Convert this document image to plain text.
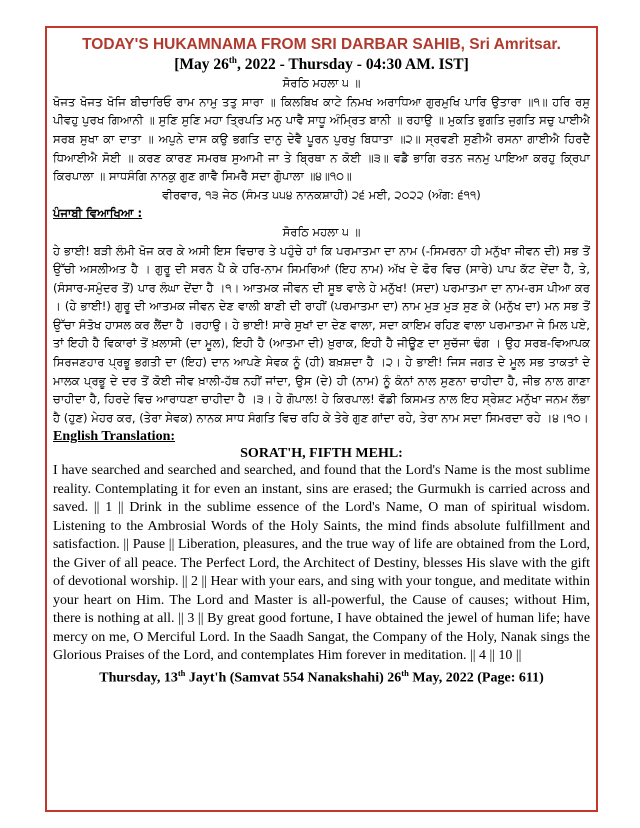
TODAY'S HUKAMNAMA FROM SRI DARBAR SAHIB, Sri Amritsar.
[May 26th, 2022 - Thursday - 04:30 AM. IST]
ਸੋਰਠਿ ਮਹਲਾ ੫ ॥
ਖੋਜਤ ਖੋਜਤ ਖੋਜਿ ਬੀਚਾਰਿਓ ਰਾਮ ਨਾਮੁ ਤਤੁ ਸਾਰਾ ॥ ਕਿਲਬਿਖ ਕਾਟੇ ਨਿਮਖ ਅਰਾਧਿਆ ਗੁਰਮੁਖਿ ਪਾਰਿ ਉਤਾਰਾ ॥੧॥ ਹਰਿ ਰਸੁ ਪੀਵਹੁ ਪੁਰਖ ਗਿਆਨੀ ॥ ਸੁਣਿ ਸੁਣਿ ਮਹਾ ਤ੍ਰਿਪਤਿ ਮਨੁ ਪਾਵੈ ਸਾਧੂ ਅੰਮ੍ਰਿਤ ਬਾਨੀ ॥ ਰਹਾਉ ॥ ਮੁਕਤਿ ਭੁਗਤਿ ਜੁਗਤਿ ਸਚੁ ਪਾਈਐ ਸਰਬ ਸੁਖਾ ਕਾ ਦਾਤਾ ॥ ਅਪੁਨੇ ਦਾਸ ਕਉ ਭਗਤਿ ਦਾਨੁ ਦੇਵੈ ਪੂਰਨ ਪੁਰਖੁ ਬਿਧਾਤਾ ॥੨॥ ਸ੍ਰਵਣੀ ਸੁਣੀਐ ਰਸਨਾ ਗਾਈਐ ਹਿਰਦੈ ਧਿਆਈਐ ਸੋਈ ॥ ਕਰਣ ਕਾਰਣ ਸਮਰਥ ਸੁਆਮੀ ਜਾ ਤੇ ਬ੍ਰਿਥਾ ਨ ਕੋਈ ॥੩॥ ਵਡੈ ਭਾਗਿ ਰਤਨ ਜਨਮੁ ਪਾਇਆ ਕਰਹੁ ਕ੍ਰਿਪਾ ਕਿਰਪਾਲਾ ॥ ਸਾਧਸੰਗਿ ਨਾਨਕੁ ਗੁਣ ਗਾਵੈ ਸਿਮਰੈ ਸਦਾ ਗੋੁਪਾਲਾ ॥੪॥੧੦॥
ਵੀਰਵਾਰ, ੧੩ ਜੇਠ (ਸੰਮਤ ੫੫੪ ਨਾਨਕਸ਼ਾਹੀ) ੨੬ ਮਈ, ੨੦੨੨ (ਅੰਗ: ੬੧੧)
ਪੰਜਾਬੀ ਵਿਆਖਿਆ :
ਸੋਰਠਿ ਮਹਲਾ ੫ ॥
ਹੇ ਭਾਈ! ਬੜੀ ਲੰਮੀ ਖੋਜ ਕਰ ਕੇ ਅਸੀ ਇਸ ਵਿਚਾਰ ਤੇ ਪਹੁੰਚੇ ਹਾਂ ਕਿ ਪਰਮਾਤਮਾ ਦਾ ਨਾਮ (-ਸਿਮਰਨਾ ਹੀ ਮਨੁੱਖਾ ਜੀਵਨ ਦੀ) ਸਭ ਤੋਂ ਉੱਚੀ ਅਸਲੀਅਤ ਹੈ । ਗੁਰੂ ਦੀ ਸਰਨ ਪੈ ਕੇ ਹਰਿ-ਨਾਮ ਸਿਮਰਿਆਂ (ਇਹ ਨਾਮ) ਅੱਖ ਦੇ ਫੋਰ ਵਿਚ (ਸਾਰੇ) ਪਾਪ ਕੱਟ ਦੇਂਦਾ ਹੈ, ਤੇ, (ਸੰਸਾਰ-ਸਮੁੰਦਰ ਤੋਂ) ਪਾਰ ਲੰਘਾ ਦੇਂਦਾ ਹੈ ।੧। ਆਤਮਕ ਜੀਵਨ ਦੀ ਸੂਝ ਵਾਲੇ ਹੇ ਮਨੁੱਖ! (ਸਦਾ) ਪਰਮਾਤਮਾ ਦਾ ਨਾਮ-ਰਸ ਪੀਆ ਕਰ । (ਹੇ ਭਾਈ!) ਗੁਰੂ ਦੀ ਆਤਮਕ ਜੀਵਨ ਦੇਣ ਵਾਲੀ ਬਾਣੀ ਦੀ ਰਾਹੀਂ (ਪਰਮਾਤਮਾ ਦਾ) ਨਾਮ ਮੁੜ ਮੁੜ ਸੁਣ ਕੇ (ਮਨੁੱਖ ਦਾ) ਮਨ ਸਭ ਤੋਂ ਉੱਚਾ ਸੰਤੋਖ ਹਾਸਲ ਕਰ ਲੈਂਦਾ ਹੈ ।ਰਹਾਉ। ਹੇ ਭਾਈ! ਸਾਰੇ ਸੁਖਾਂ ਦਾ ਦੇਣ ਵਾਲਾ, ਸਦਾ ਕਾਇਮ ਰਹਿਣ ਵਾਲਾ ਪਰਮਾਤਮਾ ਜੇ ਮਿਲ ਪਏ, ਤਾਂ ਇਹੀ ਹੈ ਵਿਕਾਰਾਂ ਤੋਂ ਖ਼ਲਾਸੀ (ਦਾ ਮੂਲ), ਇਹੀ ਹੈ (ਆਤਮਾ ਦੀ) ਖ਼ੁਰਾਕ, ਇਹੀ ਹੈ ਜੀਊਣ ਦਾ ਸੁਚੱਜਾ ਢੰਗ । ਉਹ ਸਰਬ-ਵਿਆਪਕ ਸਿਰਜਣਹਾਰ ਪ੍ਰਭੂ ਭਗਤੀ ਦਾ (ਇਹ) ਦਾਨ ਆਪਣੇ ਸੇਵਕ ਨੂੰ (ਹੀ) ਬਖ਼ਸ਼ਦਾ ਹੈ ।੨। ਹੇ ਭਾਈ! ਜਿਸ ਜਗਤ ਦੇ ਮੂਲ ਸਭ ਤਾਕਤਾਂ ਦੇ ਮਾਲਕ ਪ੍ਰਭੂ ਦੇ ਦਰ ਤੋਂ ਕੋਈ ਜੀਵ ਖ਼ਾਲੀ-ਹੱਥ ਨਹੀਂ ਜਾਂਦਾ, ਉਸ (ਦੇ) ਹੀ (ਨਾਮ) ਨੂੰ ਕੰਨਾਂ ਨਾਲ ਸੁਣਨਾ ਚਾਹੀਦਾ ਹੈ, ਜੀਭ ਨਾਲ ਗਾਣਾ ਚਾਹੀਦਾ ਹੈ, ਹਿਰਦੇ ਵਿਚ ਆਰਾਧਣਾ ਚਾਹੀਦਾ ਹੈ ।੩। ਹੇ ਗੋਪਾਲ! ਹੇ ਕਿਰਪਾਲ! ਵੱਡੀ ਕਿਸਮਤ ਨਾਲ ਇਹ ਸ੍ਰੇਸ਼ਟ ਮਨੁੱਖਾ ਜਨਮ ਲੱਭਾ ਹੈ (ਹੁਣ) ਮੇਹਰ ਕਰ, (ਤੇਰਾ ਸੇਵਕ) ਨਾਨਕ ਸਾਧ ਸੰਗਤਿ ਵਿਚ ਰਹਿ ਕੇ ਤੇਰੇ ਗੁਣ ਗਾਂਦਾ ਰਹੇ, ਤੇਰਾ ਨਾਮ ਸਦਾ ਸਿਮਰਦਾ ਰਹੇ ।੪।੧੦।
English Translation:
SORAT'H, FIFTH MEHL:
I have searched and searched and searched, and found that the Lord's Name is the most sublime reality. Contemplating it for even an instant, sins are erased; the Gurmukh is carried across and saved. || 1 || Drink in the sublime essence of the Lord's Name, O man of spiritual wisdom. Listening to the Ambrosial Words of the Holy Saints, the mind finds absolute fulfillment and satisfaction. || Pause || Liberation, pleasures, and the true way of life are obtained from the Lord, the Giver of all peace. The Perfect Lord, the Architect of Destiny, blesses His slave with the gift of devotional worship. || 2 || Hear with your ears, and sing with your tongue, and meditate within your heart on Him. The Lord and Master is all-powerful, the Cause of causes; without Him, there is nothing at all. || 3 || By great good fortune, I have obtained the jewel of human life; have mercy on me, O Merciful Lord. In the Saadh Sangat, the Company of the Holy, Nanak sings the Glorious Praises of the Lord, and contemplates Him forever in meditation. || 4 || 10 ||
Thursday, 13th Jayt'h (Samvat 554 Nanakshahi) 26th May, 2022 (Page: 611)
